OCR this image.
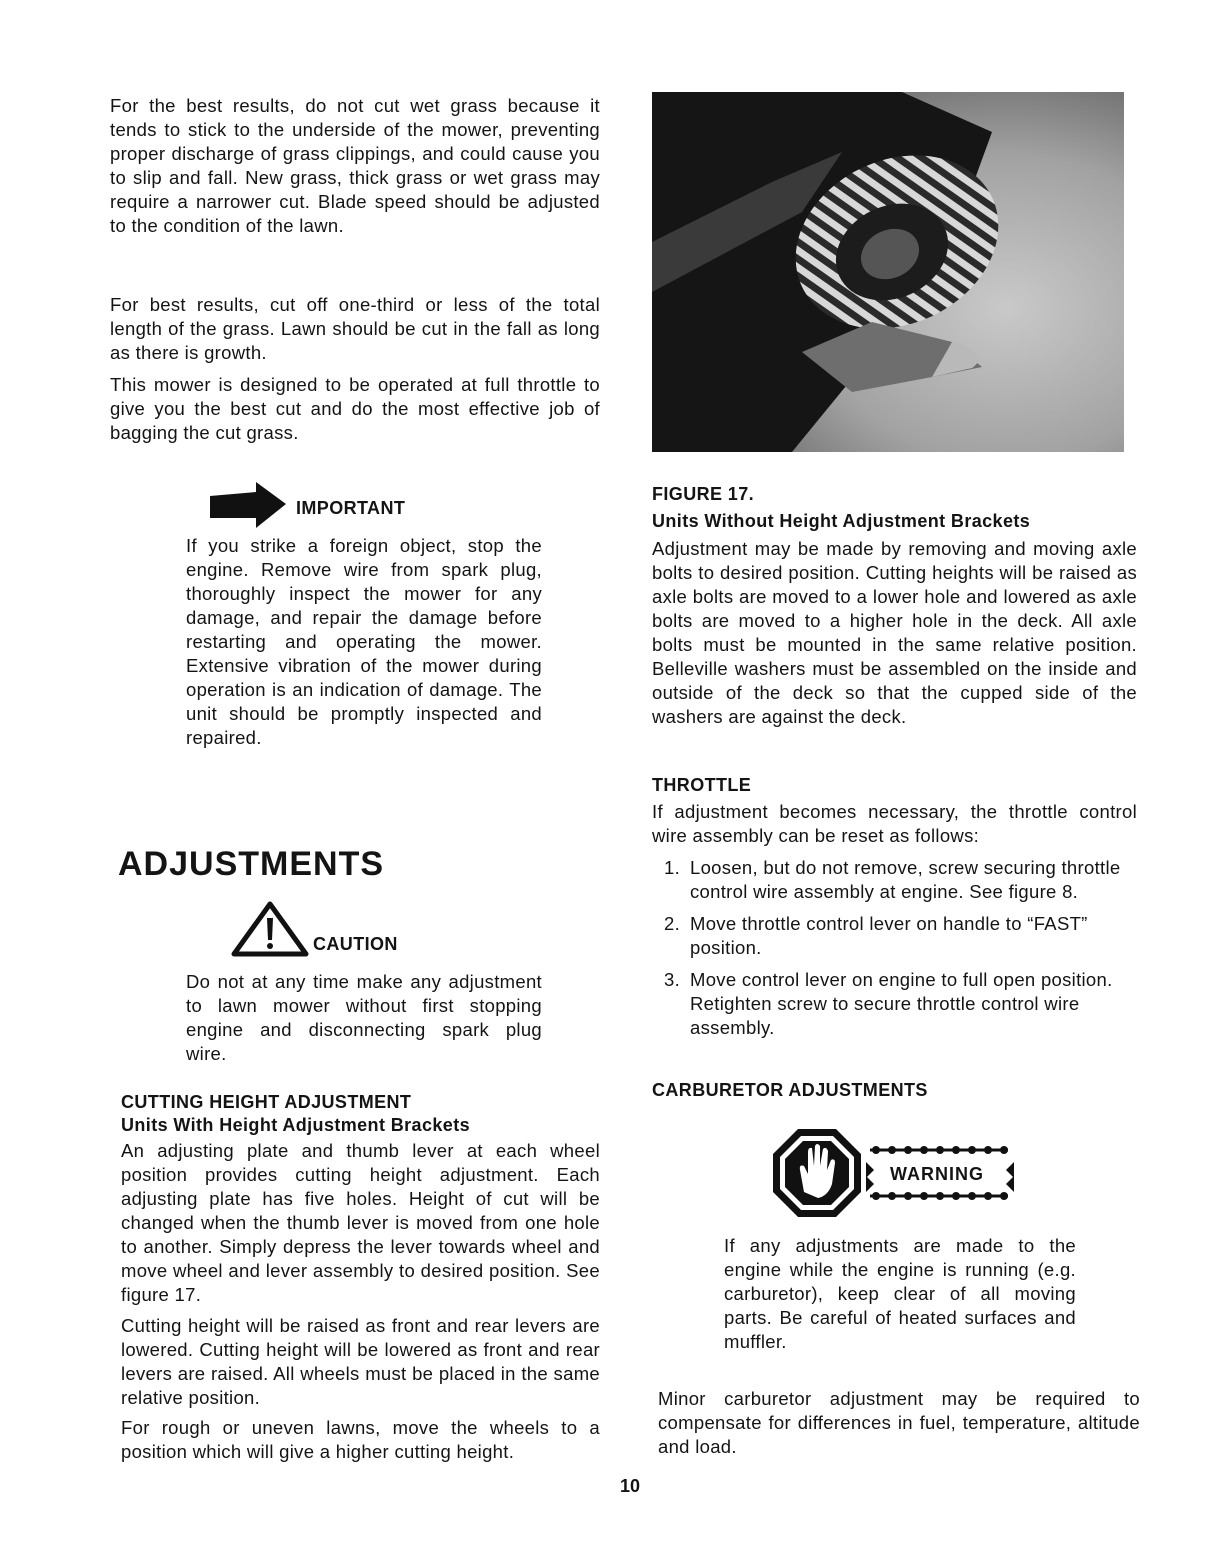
For the best results, do not cut wet grass because it tends to stick to the underside of the mower, preventing proper discharge of grass clippings, and could cause you to slip and fall. New grass, thick grass or wet grass may require a narrower cut. Blade speed should be adjusted to the condition of the lawn.

For best results, cut off one-third or less of the total length of the grass. Lawn should be cut in the fall as long as there is growth.

This mower is designed to be operated at full throttle to give you the best cut and do the most effective job of bagging the cut grass.

IMPORTANT

If you strike a foreign object, stop the engine. Remove wire from spark plug, thoroughly inspect the mower for any damage, and repair the damage before restarting and operating the mower. Extensive vibration of the mower during operation is an indication of damage. The unit should be promptly inspected and repaired.

ADJUSTMENTS
CAUTION

Do not at any time make any adjustment to lawn mower without first stopping engine and disconnecting spark plug wire.

CUTTING HEIGHT ADJUSTMENT
Units With Height Adjustment Brackets

An adjusting plate and thumb lever at each wheel position provides cutting height adjustment. Each adjusting plate has five holes. Height of cut will be changed when the thumb lever is moved from one hole to another. Simply depress the lever towards wheel and move wheel and lever assembly to desired position. See figure 17.

Cutting height will be raised as front and rear levers are lowered. Cutting height will be lowered as front and rear levers are raised. All wheels must be placed in the same relative position.

For rough or uneven lawns, move the wheels to a position which will give a higher cutting height.

FIGURE 17.
Units Without Height Adjustment Brackets

Adjustment may be made by removing and moving axle bolts to desired position. Cutting heights will be raised as axle bolts are moved to a lower hole and lowered as axle bolts are moved to a higher hole in the deck. All axle bolts must be mounted in the same relative position. Belleville washers must be assembled on the inside and outside of the deck so that the cupped side of the washers are against the deck.

THROTTLE

If adjustment becomes necessary, the throttle control wire assembly can be reset as follows:

1. Loosen, but do not remove, screw securing throttle control wire assembly at engine. See figure 8.
2. Move throttle control lever on handle to “FAST” position.
3. Move control lever on engine to full open position. Retighten screw to secure throttle control wire assembly.
CARBURETOR ADJUSTMENTS
WARNING

If any adjustments are made to the engine while the engine is running (e.g. carburetor), keep clear of all moving parts. Be careful of heated surfaces and muffler.

Minor carburetor adjustment may be required to compensate for differences in fuel, temperature, altitude and load.

10
